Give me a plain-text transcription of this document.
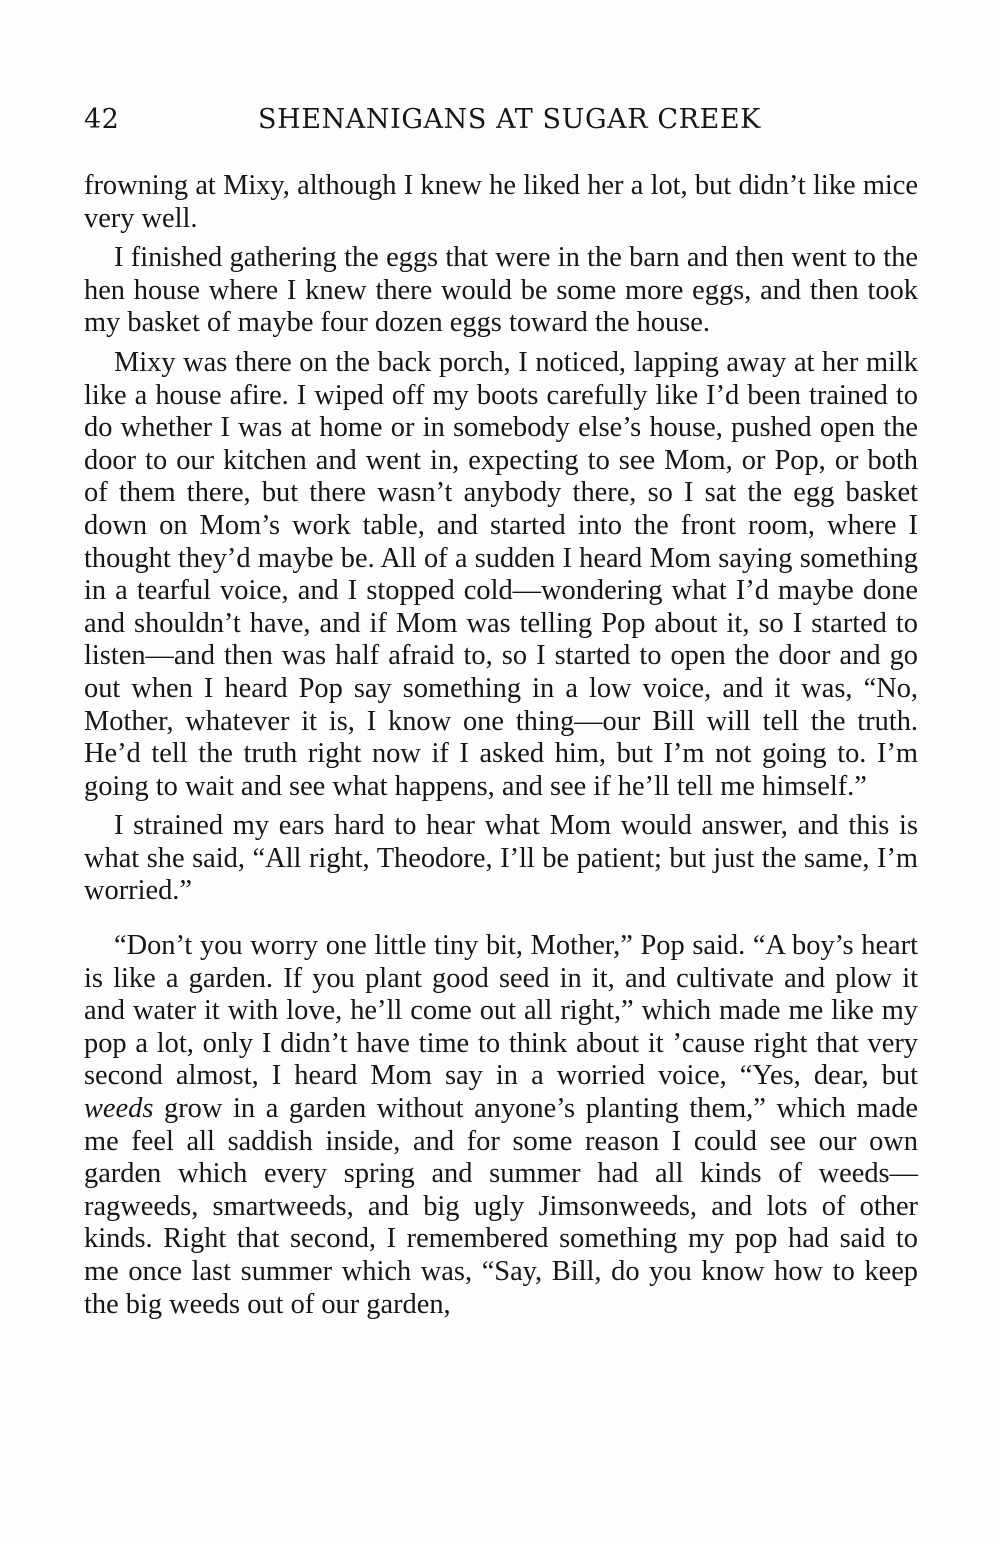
42	SHENANIGANS AT SUGAR CREEK

frowning at Mixy, although I knew he liked her a lot, but didn’t like mice very well.

I finished gathering the eggs that were in the barn and then went to the hen house where I knew there would be some more eggs, and then took my basket of maybe four dozen eggs toward the house.

Mixy was there on the back porch, I noticed, lapping away at her milk like a house afire. I wiped off my boots carefully like I’d been trained to do whether I was at home or in somebody else’s house, pushed open the door to our kitchen and went in, expecting to see Mom, or Pop, or both of them there, but there wasn’t anybody there, so I sat the egg basket down on Mom’s work table, and started into the front room, where I thought they’d maybe be. All of a sudden I heard Mom saying something in a tearful voice, and I stopped cold—wondering what I’d maybe done and shouldn’t have, and if Mom was telling Pop about it, so I started to listen—and then was half afraid to, so I started to open the door and go out when I heard Pop say something in a low voice, and it was, “No, Mother, whatever it is, I know one thing—our Bill will tell the truth. He’d tell the truth right now if I asked him, but I’m not going to. I’m going to wait and see what happens, and see if he’ll tell me himself.”

I strained my ears hard to hear what Mom would answer, and this is what she said, “All right, Theodore, I’ll be patient; but just the same, I’m worried.”

“Don’t you worry one little tiny bit, Mother,” Pop said. “A boy’s heart is like a garden. If you plant good seed in it, and cultivate and plow it and water it with love, he’ll come out all right,” which made me like my pop a lot, only I didn’t have time to think about it ’cause right that very second almost, I heard Mom say in a worried voice, “Yes, dear, but weeds grow in a garden without anyone’s planting them,” which made me feel all saddish inside, and for some reason I could see our own garden which every spring and summer had all kinds of weeds—ragweeds, smartweeds, and big ugly Jimsonweeds, and lots of other kinds. Right that second, I remembered something my pop had said to me once last summer which was, “Say, Bill, do you know how to keep the big weeds out of our garden,
